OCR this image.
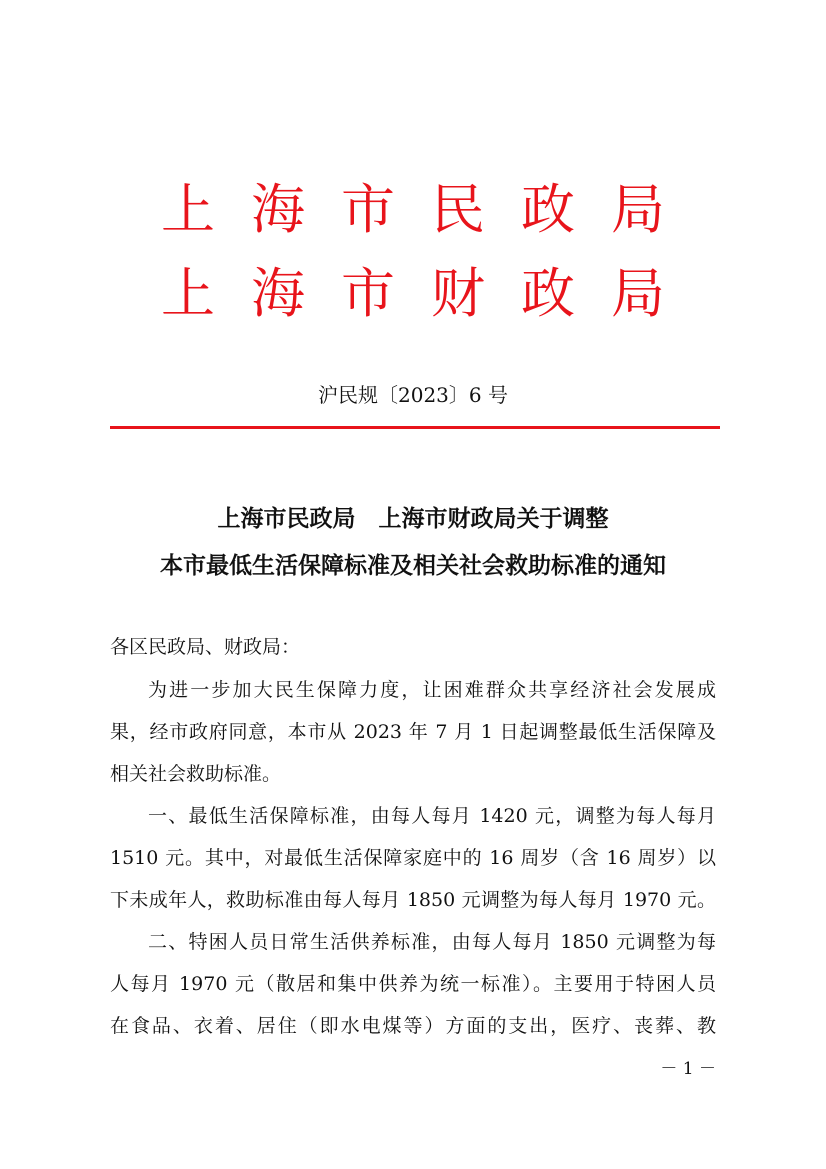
上海市民政局
上海市财政局
沪民规〔2023〕6 号
上海市民政局　上海市财政局关于调整
本市最低生活保障标准及相关社会救助标准的通知
各区民政局、财政局：
为进一步加大民生保障力度，让困难群众共享经济社会发展成
果，经市政府同意，本市从 2023 年 7 月 1 日起调整最低生活保障及
相关社会救助标准。
一、最低生活保障标准，由每人每月 1420 元，调整为每人每月
1510 元。其中，对最低生活保障家庭中的 16 周岁（含 16 周岁）以
下未成年人，救助标准由每人每月 1850 元调整为每人每月 1970 元。
二、特困人员日常生活供养标准，由每人每月 1850 元调整为每
人每月 1970 元（散居和集中供养为统一标准）。主要用于特困人员
在食品、衣着、居住（即水电煤等）方面的支出，医疗、丧葬、教
－ 1 －
